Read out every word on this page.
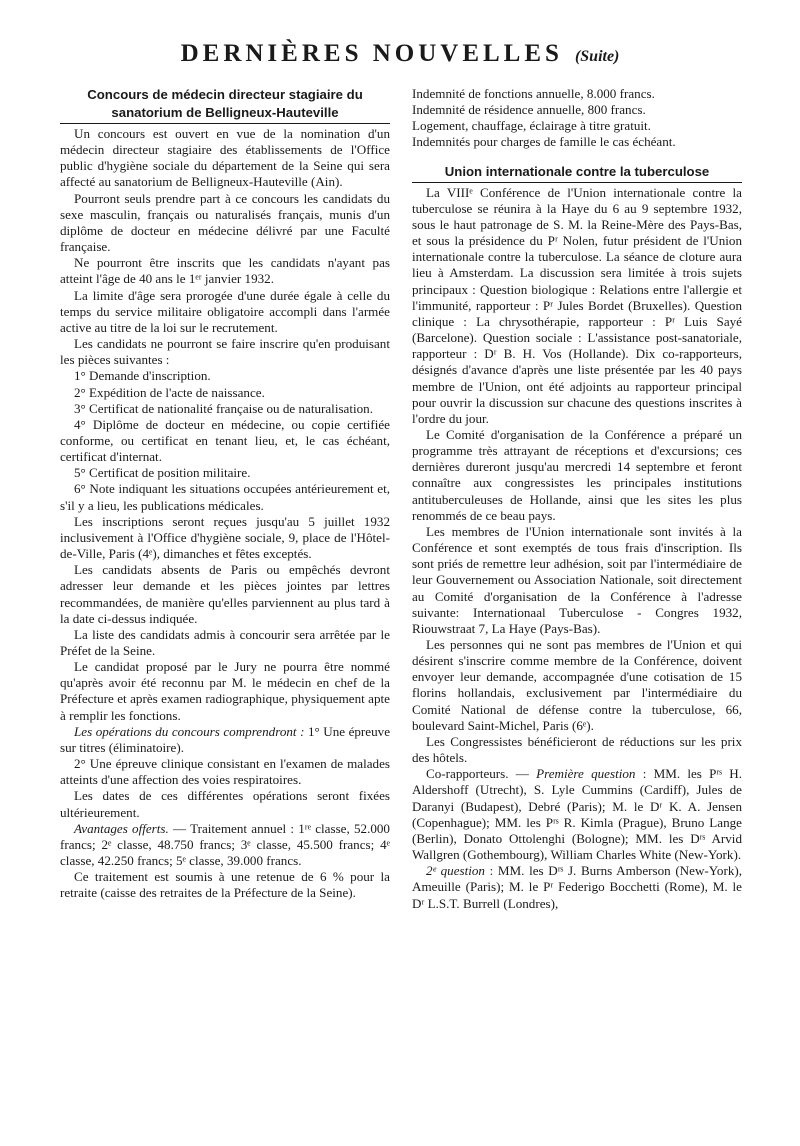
DERNIÈRES NOUVELLES (Suite)
Concours de médecin directeur stagiaire du
sanatorium de Belligneux-Hauteville

Un concours est ouvert en vue de la nomination d'un médecin directeur stagiaire des établissements de l'Office public d'hygiène sociale du département de la Seine qui sera affecté au sanatorium de Belligneux-Hauteville (Ain).

Pourront seuls prendre part à ce concours les candidats du sexe masculin, français ou naturalisés français, munis d'un diplôme de docteur en médecine délivré par une Faculté française.

Ne pourront être inscrits que les candidats n'ayant pas atteint l'âge de 40 ans le 1ᵉʳ janvier 1932.

La limite d'âge sera prorogée d'une durée égale à celle du temps du service militaire obligatoire accompli dans l'armée active au titre de la loi sur le recrutement.

Les candidats ne pourront se faire inscrire qu'en produisant les pièces suivantes :

1° Demande d'inscription.

2° Expédition de l'acte de naissance.

3° Certificat de nationalité française ou de naturalisation.

4° Diplôme de docteur en médecine, ou copie certifiée conforme, ou certificat en tenant lieu, et, le cas échéant, certificat d'internat.

5° Certificat de position militaire.

6° Note indiquant les situations occupées antérieurement et, s'il y a lieu, les publications médicales.

Les inscriptions seront reçues jusqu'au 5 juillet 1932 inclusivement à l'Office d'hygiène sociale, 9, place de l'Hôtel-de-Ville, Paris (4ᵉ), dimanches et fêtes exceptés.

Les candidats absents de Paris ou empêchés devront adresser leur demande et les pièces jointes par lettres recommandées, de manière qu'elles parviennent au plus tard à la date ci-dessus indiquée.

La liste des candidats admis à concourir sera arrêtée par le Préfet de la Seine.

Le candidat proposé par le Jury ne pourra être nommé qu'après avoir été reconnu par M. le médecin en chef de la Préfecture et après examen radiographique, physiquement apte à remplir les fonctions.

Les opérations du concours comprendront : 1° Une épreuve sur titres (éliminatoire).

2° Une épreuve clinique consistant en l'examen de malades atteints d'une affection des voies respiratoires.

Les dates de ces différentes opérations seront fixées ultérieurement.

Avantages offerts. — Traitement annuel : 1ʳᵉ classe, 52.000 francs; 2ᵉ classe, 48.750 francs; 3ᵉ classe, 45.500 francs; 4ᵉ classe, 42.250 francs; 5ᵉ classe, 39.000 francs.

Ce traitement est soumis à une retenue de 6 % pour la retraite (caisse des retraites de la Préfecture de la Seine).

Indemnité de fonctions annuelle, 8.000 francs.

Indemnité de résidence annuelle, 800 francs.

Logement, chauffage, éclairage à titre gratuit.

Indemnités pour charges de famille le cas échéant.

Union internationale contre la tuberculose

La VIIIᵉ Conférence de l'Union internationale contre la tuberculose se réunira à la Haye du 6 au 9 septembre 1932, sous le haut patronage de S. M. la Reine-Mère des Pays-Bas, et sous la présidence du Pʳ Nolen, futur président de l'Union internationale contre la tuberculose. La séance de cloture aura lieu à Amsterdam. La discussion sera limitée à trois sujets principaux : Question biologique : Relations entre l'allergie et l'immunité, rapporteur : Pʳ Jules Bordet (Bruxelles). Question clinique : La chrysothérapie, rapporteur : Pʳ Luis Sayé (Barcelone). Question sociale : L'assistance post-sanatoriale, rapporteur : Dʳ B. H. Vos (Hollande). Dix co-rapporteurs, désignés d'avance d'après une liste présentée par les 40 pays membre de l'Union, ont été adjoints au rapporteur principal pour ouvrir la discussion sur chacune des questions inscrites à l'ordre du jour.

Le Comité d'organisation de la Conférence a préparé un programme très attrayant de réceptions et d'excursions; ces dernières dureront jusqu'au mercredi 14 septembre et feront connaître aux congressistes les principales institutions antituberculeuses de Hollande, ainsi que les sites les plus renommés de ce beau pays.

Les membres de l'Union internationale sont invités à la Conférence et sont exemptés de tous frais d'inscription. Ils sont priés de remettre leur adhésion, soit par l'intermédiaire de leur Gouvernement ou Association Nationale, soit directement au Comité d'organisation de la Conférence à l'adresse suivante: Internationaal Tuberculose - Congres 1932, Riouwstraat 7, La Haye (Pays-Bas).

Les personnes qui ne sont pas membres de l'Union et qui désirent s'inscrire comme membre de la Conférence, doivent envoyer leur demande, accompagnée d'une cotisation de 15 florins hollandais, exclusivement par l'intermédiaire du Comité National de défense contre la tuberculose, 66, boulevard Saint-Michel, Paris (6ᵉ).

Les Congressistes bénéficieront de réductions sur les prix des hôtels.

Co-rapporteurs. — Première question : MM. les Pʳˢ H. Aldershoff (Utrecht), S. Lyle Cummins (Cardiff), Jules de Daranyi (Budapest), Debré (Paris); M. le Dʳ K. A. Jensen (Copenhague); MM. les Pʳˢ R. Kimla (Prague), Bruno Lange (Berlin), Donato Ottolenghi (Bologne); MM. les Dʳˢ Arvid Wallgren (Gothembourg), William Charles White (New-York).

2ᵉ question : MM. les Dʳˢ J. Burns Amberson (New-York), Ameuille (Paris); M. le Pʳ Federigo Bocchetti (Rome), M. le Dʳ L.S.T. Burrell (Londres),
